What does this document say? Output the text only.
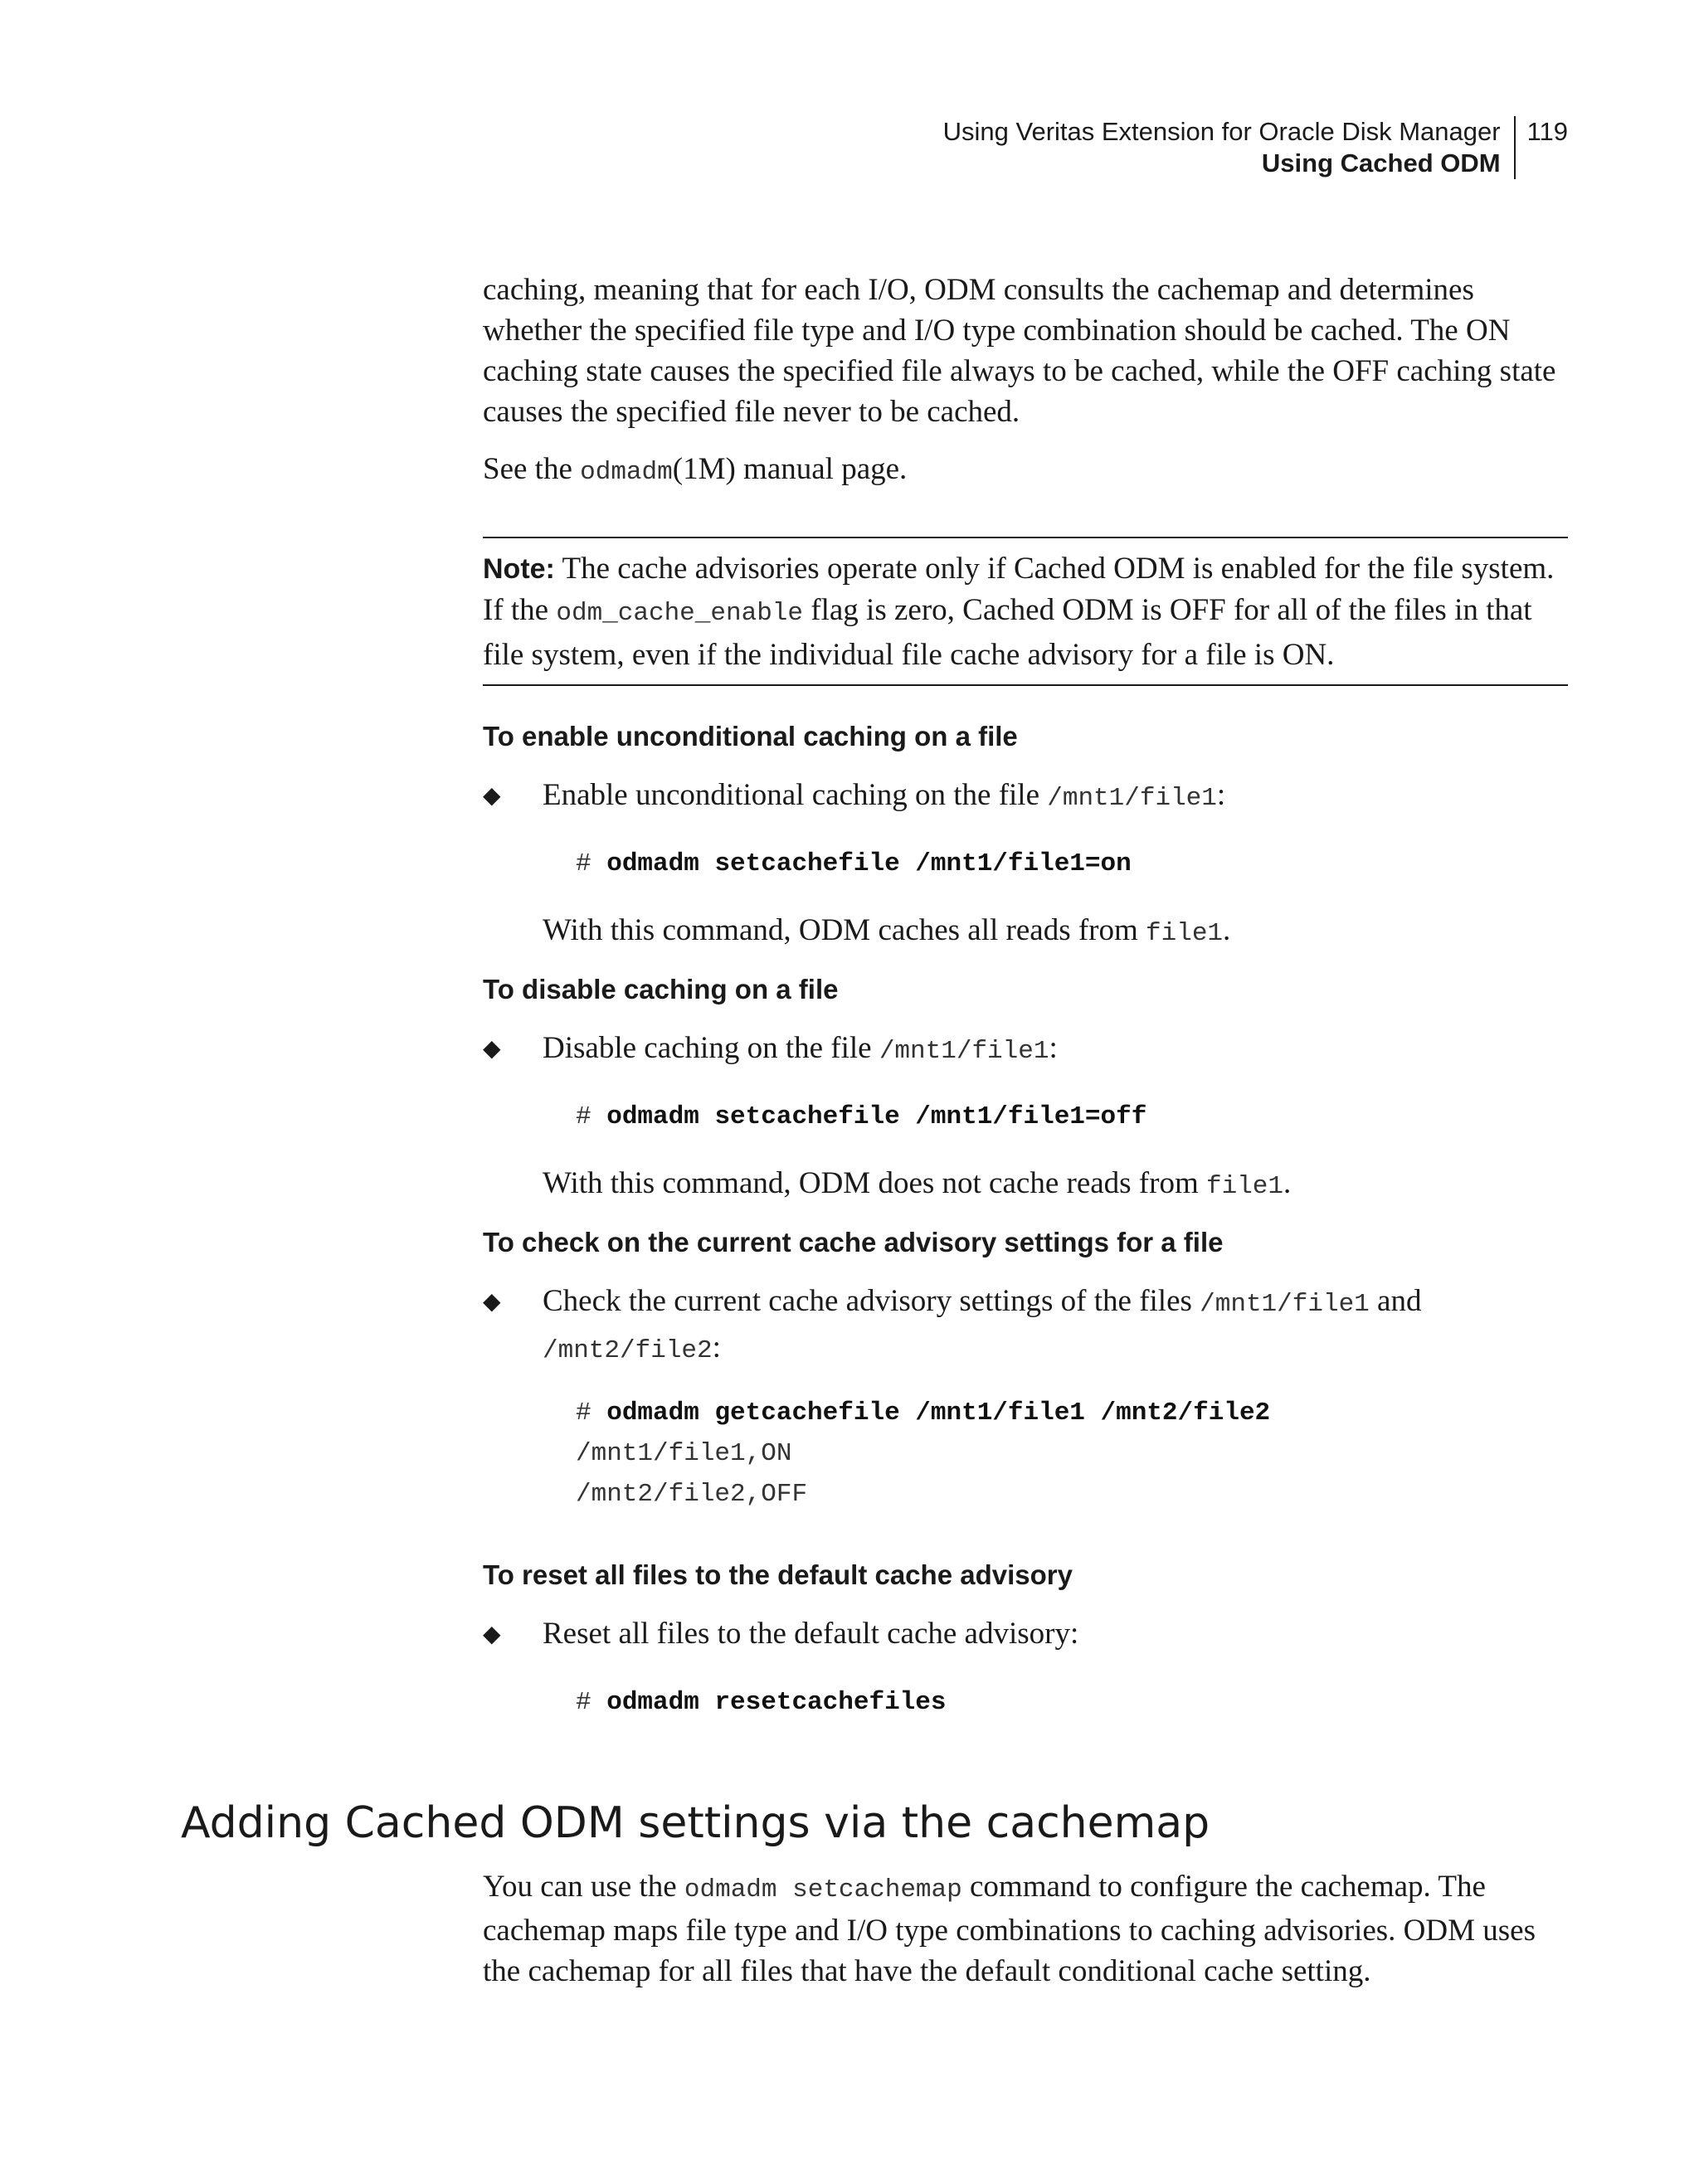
Using Veritas Extension for Oracle Disk Manager
Using Cached ODM
119

caching, meaning that for each I/O, ODM consults the cachemap and determines whether the specified file type and I/O type combination should be cached. The ON caching state causes the specified file always to be cached, while the OFF caching state causes the specified file never to be cached.

See the odmadm(1M) manual page.

Note: The cache advisories operate only if Cached ODM is enabled for the file system. If the odm_cache_enable flag is zero, Cached ODM is OFF for all of the files in that file system, even if the individual file cache advisory for a file is ON.
To enable unconditional caching on a file
◆ Enable unconditional caching on the file /mnt1/file1:
# odmadm setcachefile /mnt1/file1=on
With this command, ODM caches all reads from file1.
To disable caching on a file
◆ Disable caching on the file /mnt1/file1:
# odmadm setcachefile /mnt1/file1=off
With this command, ODM does not cache reads from file1.
To check on the current cache advisory settings for a file
◆ Check the current cache advisory settings of the files /mnt1/file1 and
/mnt2/file2:
# odmadm getcachefile /mnt1/file1 /mnt2/file2
/mnt1/file1,ON
/mnt2/file2,OFF
To reset all files to the default cache advisory
◆ Reset all files to the default cache advisory:
# odmadm resetcachefiles
Adding Cached ODM settings via the cachemap

You can use the odmadm setcachemap command to configure the cachemap. The cachemap maps file type and I/O type combinations to caching advisories. ODM uses the cachemap for all files that have the default conditional cache setting.
